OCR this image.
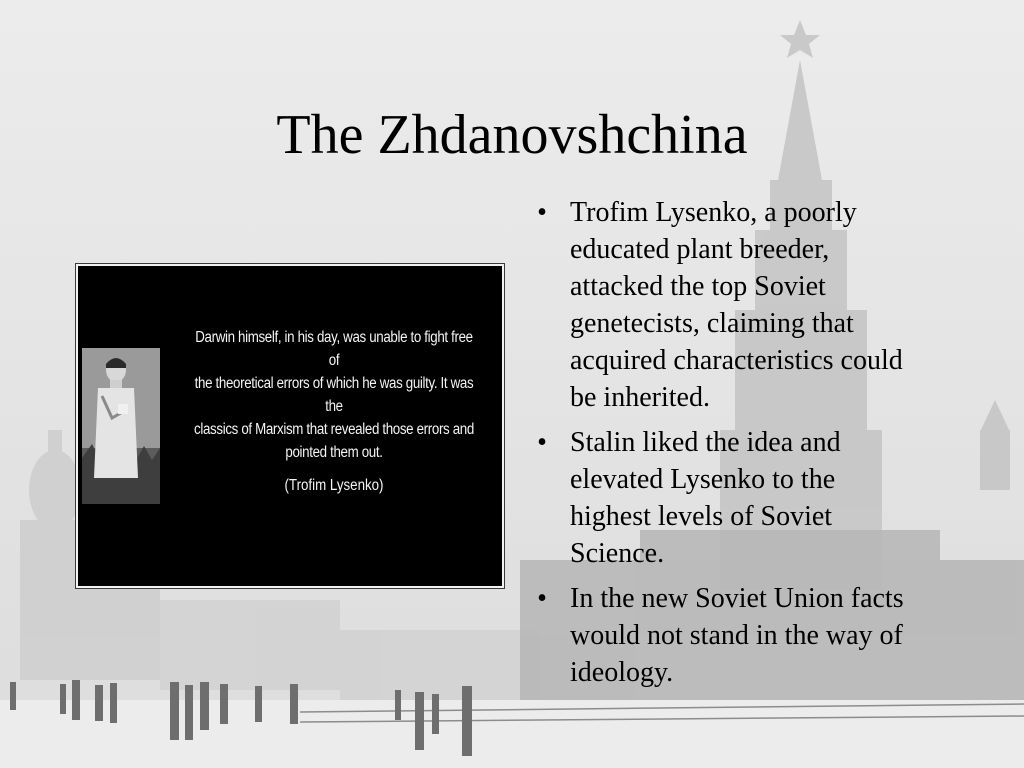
The Zhdanovshchina
Darwin himself, in his day, was unable to fight free of
the theoretical errors of which he was guilty. It was the
classics of Marxism that revealed those errors and
pointed them out.
(Trofim Lysenko)
• Trofim Lysenko, a poorly educated plant breeder, attacked the top Soviet genetecists, claiming that acquired characteristics could be inherited.
• Stalin liked the idea and elevated Lysenko to the highest levels of Soviet Science.
• In the new Soviet Union facts would not stand in the way of ideology.
